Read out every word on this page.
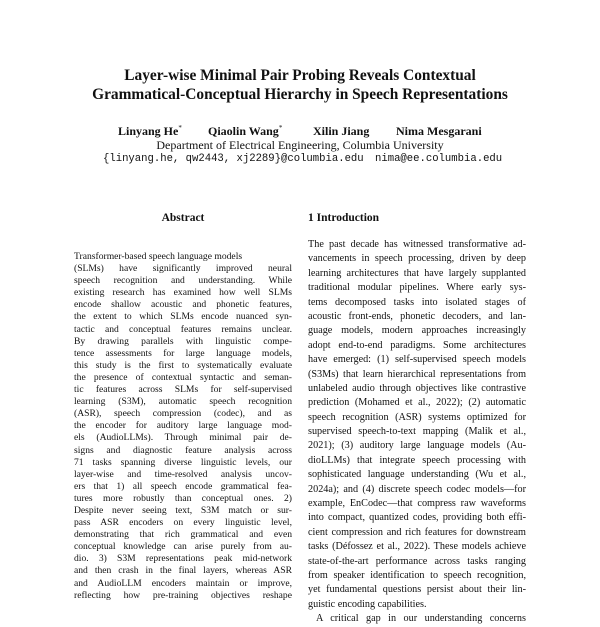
Layer-wise Minimal Pair Probing Reveals Contextual
Grammatical-Conceptual Hierarchy in Speech Representations
Linyang He* Qiaolin Wang*	Xilin Jiang Nima Mesgarani
Department of Electrical Engineering, Columbia University
{linyang.he, qw2443, xj2289}@columbia.edu nima@ee.columbia.edu
Abstract
Transformer-based speech language models
(SLMs) have significantly improved neural
speech recognition and understanding. While
existing research has examined how well SLMs
encode shallow acoustic and phonetic features,
the extent to which SLMs encode nuanced syn-
tactic and conceptual features remains unclear.
By drawing parallels with linguistic compe-
tence assessments for large language models,
this study is the first to systematically evaluate
the presence of contextual syntactic and seman-
tic features across SLMs for self-supervised
learning (S3M), automatic speech recognition
(ASR), speech compression (codec), and as
the encoder for auditory large language mod-
els (AudioLLMs). Through minimal pair de-
signs and diagnostic feature analysis across
71 tasks spanning diverse linguistic levels, our
layer-wise and time-resolved analysis uncov-
ers that 1) all speech encode grammatical fea-
tures more robustly than conceptual ones. 2)
Despite never seeing text, S3M match or sur-
pass ASR encoders on every linguistic level,
demonstrating that rich grammatical and even
conceptual knowledge can arise purely from au-
dio. 3) S3M representations peak mid-network
and then crash in the final layers, whereas ASR
and AudioLLM encoders maintain or improve,
reflecting how pre-training objectives reshape
1 Introduction
The past decade has witnessed transformative ad-
vancements in speech processing, driven by deep
learning architectures that have largely supplanted
traditional modular pipelines. Where early sys-
tems decomposed tasks into isolated stages of
acoustic front-ends, phonetic decoders, and lan-
guage models, modern approaches increasingly
adopt end-to-end paradigms. Some architectures
have emerged: (1) self-supervised speech models
(S3Ms) that learn hierarchical representations from
unlabeled audio through objectives like contrastive
prediction (Mohamed et al., 2022); (2) automatic
speech recognition (ASR) systems optimized for
supervised speech-to-text mapping (Malik et al.,
2021); (3) auditory large language models (Au-
dioLLMs) that integrate speech processing with
sophisticated language understanding (Wu et al.,
2024a); and (4) discrete speech codec models—for
example, EnCodec—that compress raw waveforms
into compact, quantized codes, providing both effi-
cient compression and rich features for downstream
tasks (Défossez et al., 2022). These models achieve
state-of-the-art performance across tasks ranging
from speaker identification to speech recognition,
yet fundamental questions persist about their lin-
guistic encoding capabilities.
A critical gap in our understanding concerns
